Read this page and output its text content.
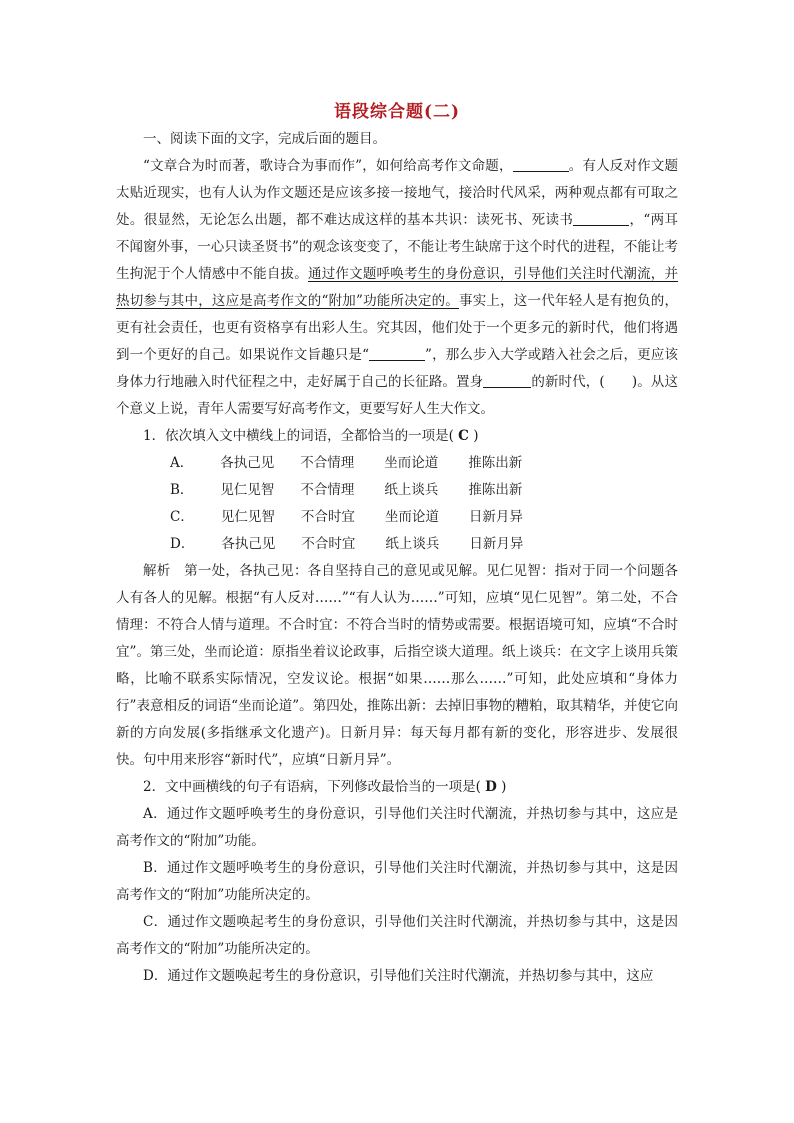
语段综合题(二)

一、阅读下面的文字，完成后面的题目。

“文章合为时而著，歌诗合为事而作”，如何给高考作文命题，	。有人反对作文题太贴近现实，也有人认为作文题还是应该多接一接地气，接洽时代风采，两种观点都有可取之处。很显然，无论怎么出题，都不难达成这样的基本共识：读死书、死读书	，“两耳不闻窗外事，一心只读圣贤书”的观念该变变了，不能让考生缺席于这个时代的进程，不能让考生拘泥于个人情感中不能自拔。通过作文题呼唤考生的身份意识，引导他们关注时代潮流，并热切参与其中，这应是高考作文的“附加”功能所决定的。事实上，这一代年轻人是有抱负的，更有社会责任，也更有资格享有出彩人生。究其因，他们处于一个更多元的新时代，他们将遇到一个更好的自己。如果说作文旨趣只是“	”，那么步入大学或踏入社会之后，更应该身体力行地融入时代征程之中，走好属于自己的长征路。置身	的新时代，(　　)。从这个意义上说，青年人需要写好高考作文，更要写好人生大作文。

1．依次填入文中横线上的词语，全都恰当的一项是( C )

A． 各执己见 不合情理 坐而论道 推陈出新
B． 见仁见智 不合情理 纸上谈兵 推陈出新
C． 见仁见智 不合时宜 坐而论道 日新月异
D． 各执己见 不合时宜 纸上谈兵 日新月异

解析　第一处，各执己见：各自坚持自己的意见或见解。见仁见智：指对于同一个问题各人有各人的见解。根据“有人反对……”“有人认为……”可知，应填“见仁见智”。第二处，不合情理：不符合人情与道理。不合时宜：不符合当时的情势或需要。根据语境可知，应填“不合时宜”。第三处，坐而论道：原指坐着议论政事，后指空谈大道理。纸上谈兵：在文字上谈用兵策略，比喻不联系实际情况，空发议论。根据“如果……那么……”可知，此处应填和“身体力行”表意相反的词语“坐而论道”。第四处，推陈出新：去掉旧事物的糟粕，取其精华，并使它向新的方向发展(多指继承文化遗产)。日新月异：每天每月都有新的变化，形容进步、发展很快。句中用来形容“新时代”，应填“日新月异”。

2．文中画横线的句子有语病，下列修改最恰当的一项是( D )

A．通过作文题呼唤考生的身份意识，引导他们关注时代潮流，并热切参与其中，这应是高考作文的“附加”功能。

B．通过作文题呼唤考生的身份意识，引导他们关注时代潮流，并热切参与其中，这是因高考作文的“附加”功能所决定的。

C．通过作文题唤起考生的身份意识，引导他们关注时代潮流，并热切参与其中，这是因高考作文的“附加”功能所决定的。

D．通过作文题唤起考生的身份意识，引导他们关注时代潮流，并热切参与其中，这应
